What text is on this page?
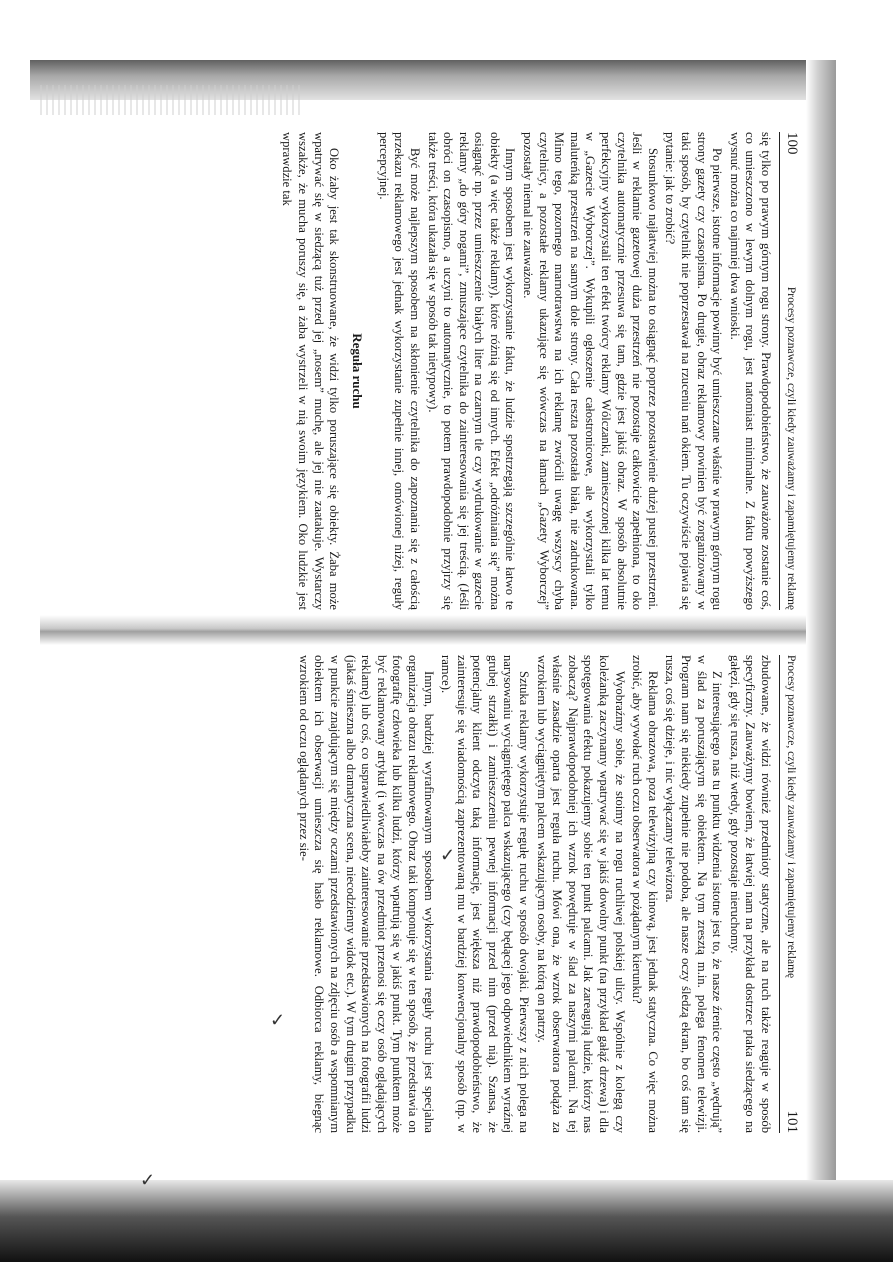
100
Procesy poznawcze, czyli kiedy zauważamy i zapamiętujemy reklamę

się tylko po prawym górnym rogu strony. Prawdopodobieństwo, że zauważone zostanie coś, co umieszczono w lewym dolnym rogu, jest natomiast minimalne. Z faktu powyższego wysnuć można co najmniej dwa wnioski.

Po pierwsze, istotne informacje powinny być umieszczane właśnie w prawym górnym rogu strony gazety czy czasopisma. Po drugie, obraz reklamowy powinien być zorganizowany w taki sposób, by czytelnik nie poprzestawał na rzuceniu nań okiem. Tu oczywiście pojawia się pytanie: jak to zrobić?

Stosunkowo najłatwiej można to osiągnąć poprzez pozostawienie dużej pustej przestrzeni. Jeśli w reklamie gazetowej duża przestrzeń nie pozostaje całkowicie zapełniona, to oko czytelnika automatycznie przesuwa się tam, gdzie jest jakiś obraz. W sposób absolutnie perfekcyjny wykorzystali ten efekt twórcy reklamy Wólczanki, zamieszczonej kilka lat temu w „Gazecie Wyborczej”. Wykupili ogłoszenie całostronicowe, ale wykorzystali tylko maluteńką przestrzeń na samym dole strony. Cała reszta pozostała biała, nie zadrukowana. Mimo tego, pozornego marnotrawstwa na ich reklamę zwrócili uwagę wszyscy chyba czytelnicy, a pozostałe reklamy ukazujące się wówczas na łamach „Gazety Wyborczej” pozostały niemal nie zauważone.

Innym sposobem jest wykorzystanie faktu, że ludzie spostrzegają szczególnie łatwo te obiekty (a więc także reklamy), które różnią się od innych. Efekt „odróżniania się” można osiągnąć np. przez umieszczenie białych liter na czarnym tle czy wydrukowanie w gazecie reklamy „do góry nogami”, zmuszające czytelnika do zainteresowania się jej treścią. (Jeśli obróci on czasopismo, a uczyni to automatycznie, to potem prawdopodobnie przyjrzy się także treści, która ukazała się w sposób tak nietypowy).

Być może najlepszym sposobem na skłonienie czytelnika do zapoznania się z całością przekazu reklamowego jest jednak wykorzystanie zupełnie innej, omówionej niżej, reguły percepcyjnej.

Reguła ruchu

Oko żaby jest tak skonstruowane, że widzi tylko poruszające się obiekty. Żaba może wpatrywać się w siedzącą tuż przed jej „nosem” muchę, ale jej nie zaatakuje. Wystarczy wszakże, że mucha poruszy się, a żaba wystrzeli w nią swoim językiem. Oko ludzkie jest wprawdzie tak

Procesy poznawcze, czyli kiedy zauważamy i zapamiętujemy reklamę
101

zbudowane, że widzi również przedmioty statyczne, ale na ruch także reaguje w sposób specyficzny. Zauważymy bowiem, że łatwiej nam na przykład dostrzec ptaka siedzącego na gałęzi, gdy się rusza, niż wtedy, gdy pozostaje nieruchomy.

Z interesującego nas tu punktu widzenia istotne jest to, że nasze źrenice często „wędrują” w ślad za poruszającym się obiektem. Na tym zresztą m.in. polega fenomen telewizji. Program nam się niekiedy zupełnie nie podoba, ale nasze oczy śledzą ekran, bo coś tam się rusza, coś się dzieje, i nic wyłączamy telewizora.

Reklama obrazowa, poza telewizyjną czy kinową, jest jednak statyczna. Co więc można zrobić, aby wywołać ruch oczu obserwatora w pożądanym kierunku?

Wyobraźmy sobie, że stoimy na rogu ruchliwej polskiej ulicy. Wspólnie z kolegą czy koleżanką zaczynamy wpatrywać się w jakiś dowolny punkt (na przykład gałąź drzewa) i dla spotęgowania efektu pokazujemy sobie ten punkt palcami. Jak zareagują ludzie, którzy nas zobaczą? Najprawdopodobniej ich wzrok powędruje w ślad za naszymi palcami. Na tej właśnie zasadzie oparta jest reguła ruchu. Mówi ona, że wzrok obserwatora podąża za wzrokiem lub wyciągniętym palcem wskazującym osoby, na którą on patrzy.

Sztuka reklamy wykorzystuje regułę ruchu w sposób dwojaki. Pierwszy z nich polega na narysowaniu wyciągniętego palca wskazującego (czy będącej jego odpowiednikiem wyraźnej grubej strzałki) i zamieszczeniu pewnej informacji przed nim (przed nią). Szansa, że potencjalny klient odczyta taką informację, jest większa niż prawdopodobieństwo, że zainteresuje się wiadomością zaprezentowaną mu w bardziej konwencjonalny sposób (np. w ramce).

Innym, bardziej wyrafinowanym sposobem wykorzystania reguły ruchu jest specjalna organizacja obrazu reklamowego. Obraz taki komponuje się w ten sposób, że przedstawia on fotografię człowieka lub kilku ludzi, którzy wpatrują się w jakiś punkt. Tym punktem może być reklamowany artykuł (i wówczas na ów przedmiot przenosi się oczy osób oglądających reklamę) lub coś, co usprawiedliwiałoby zainteresowanie przedstawionych na fotografii ludzi (jakaś śmieszna albo dramatyczna scena, niecodzienny widok etc.). W tym drugim przypadku w punkcie znajdującym się między oczami przedstawionych na zdjęciu osób a wspomnianym obiektem ich obserwacji umieszcza się hasło reklamowe. Odbiorca reklamy, biegnąc wzrokiem od oczu oglądanych przez sie-	✓
✓
✓
